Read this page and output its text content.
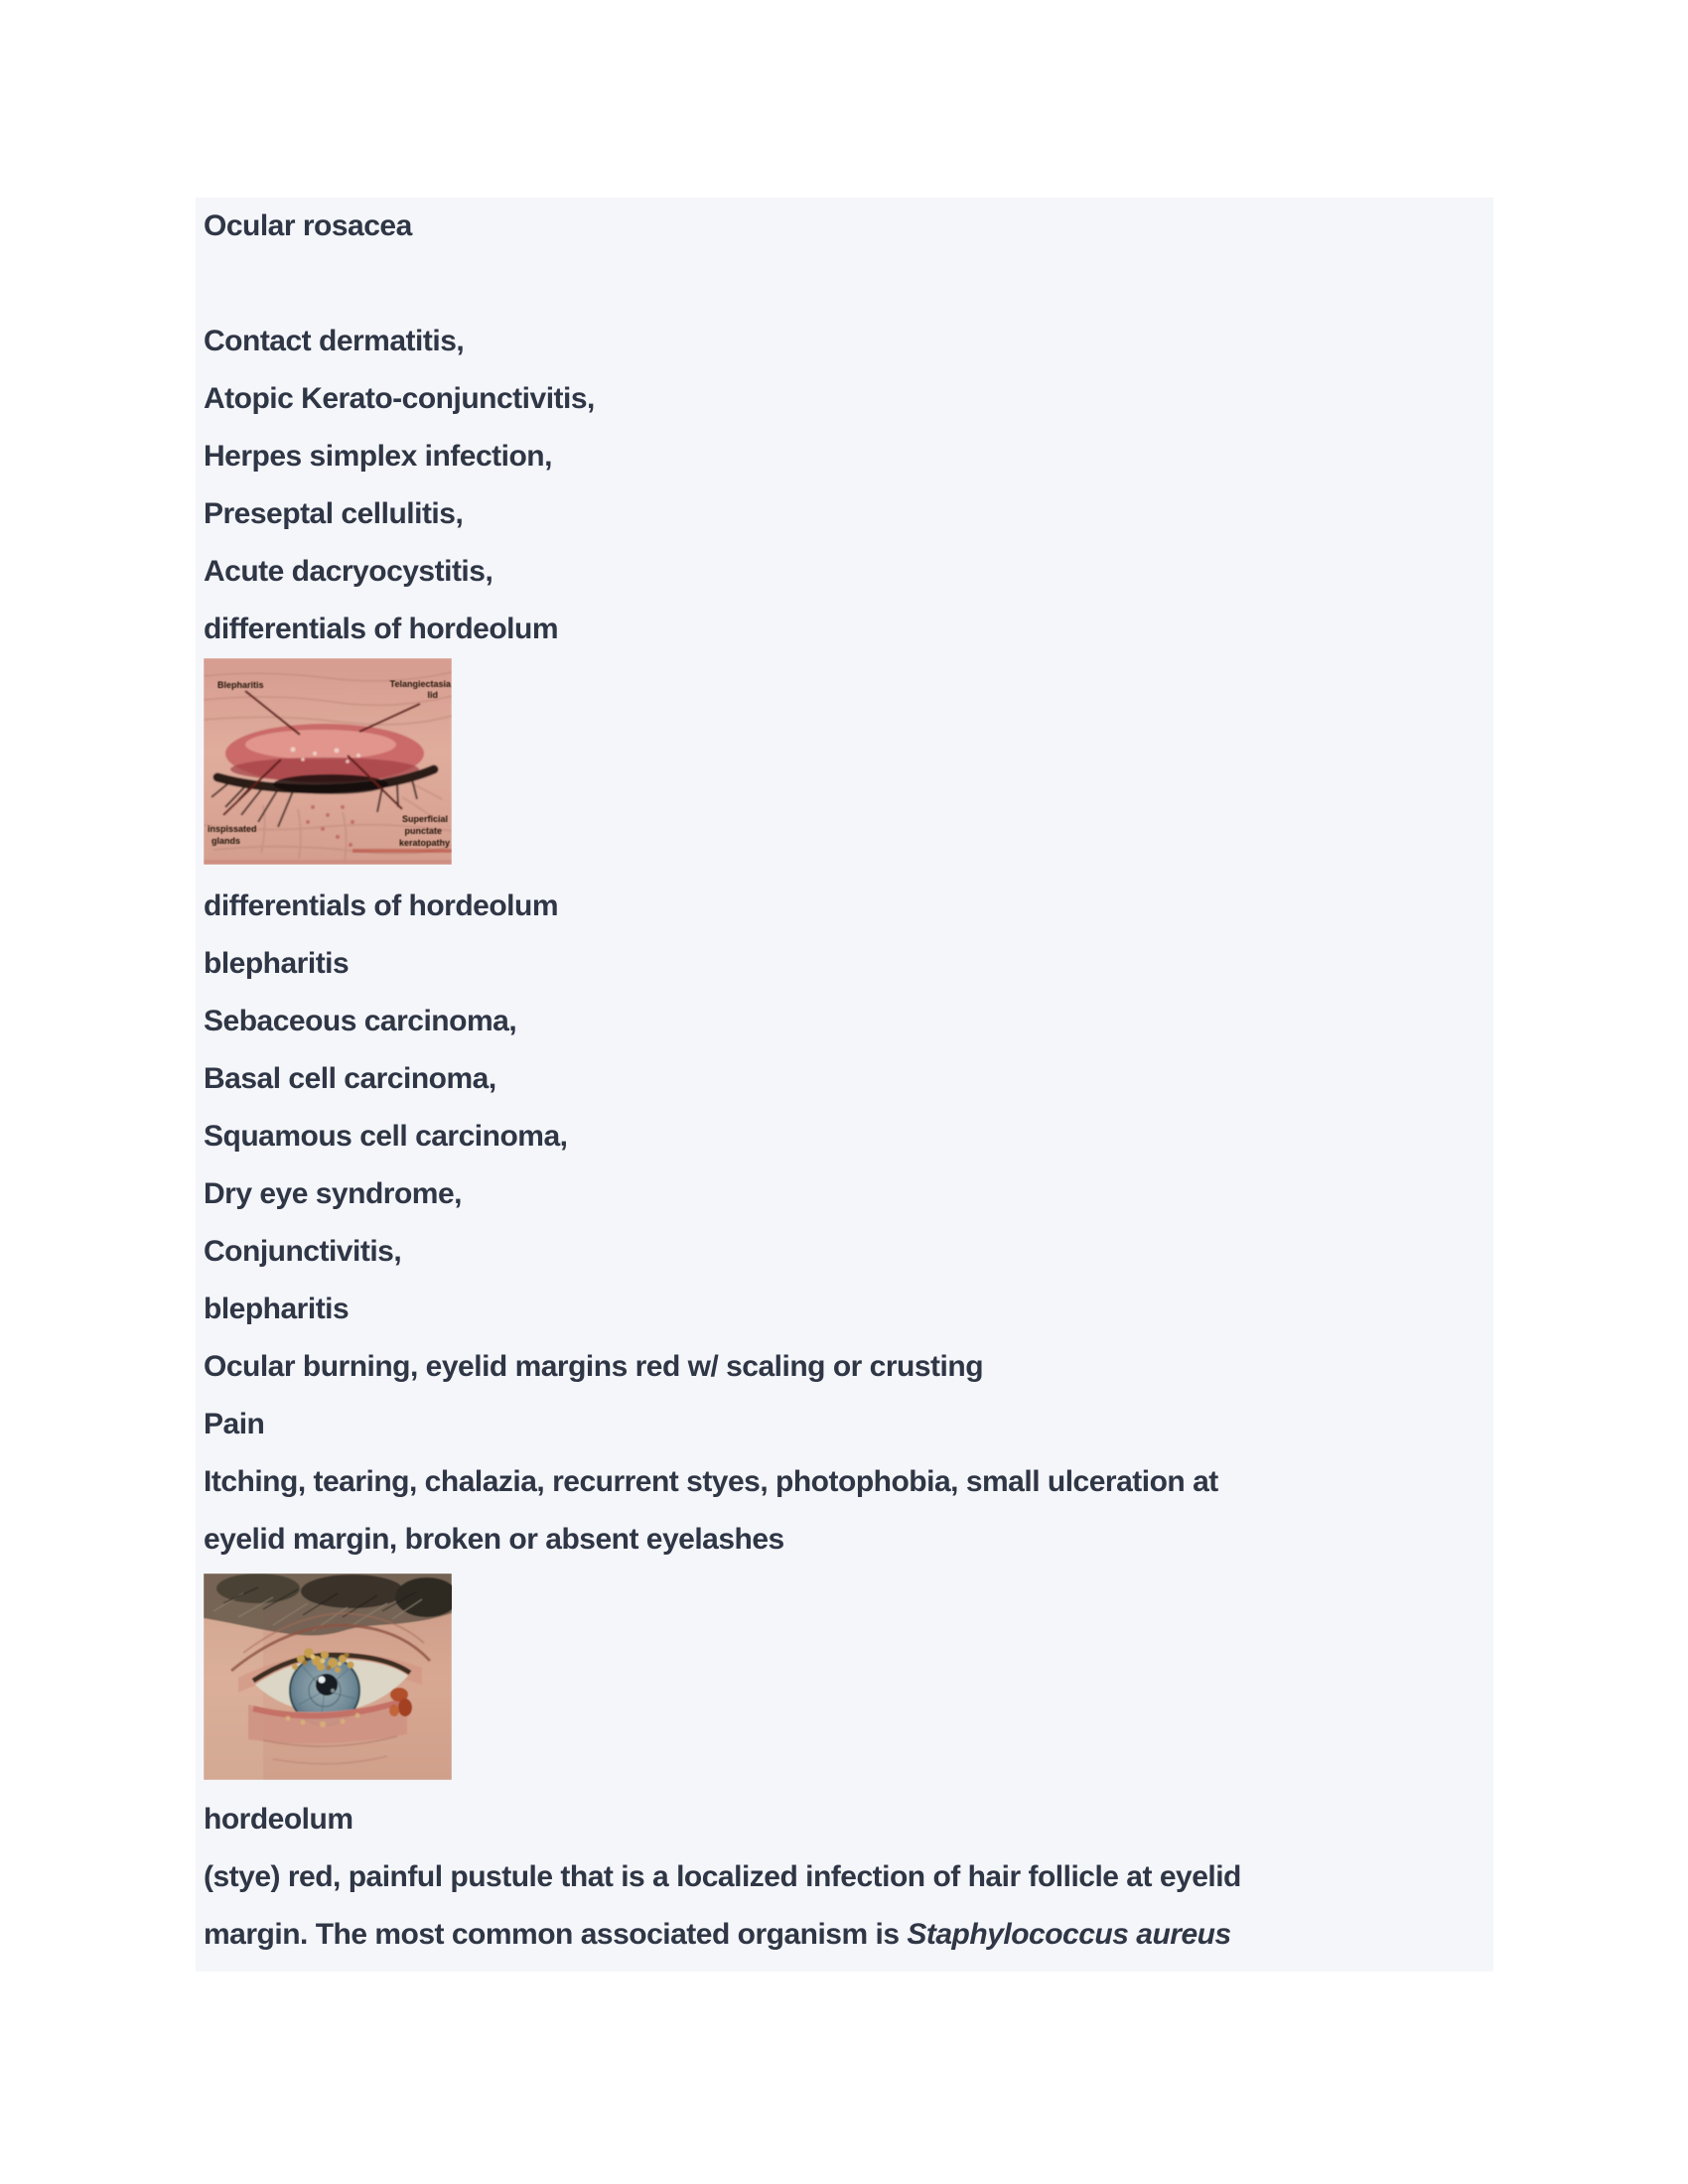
Ocular rosacea
Contact dermatitis,
Atopic Kerato-conjunctivitis,
Herpes simplex infection,
Preseptal cellulitis,
Acute dacryocystitis,
differentials of hordeolum
Blepharitis	Telangiectasia
lid
inspissated
glands
Superficial
punctate
keratopathy
differentials of hordeolum
blepharitis
Sebaceous carcinoma,
Basal cell carcinoma,
Squamous cell carcinoma,
Dry eye syndrome,
Conjunctivitis,
blepharitis
Ocular burning, eyelid margins red w/ scaling or crusting
Pain
Itching, tearing, chalazia, recurrent styes, photophobia, small ulceration at
eyelid margin, broken or absent eyelashes
hordeolum
(stye) red, painful pustule that is a localized infection of hair follicle at eyelid
margin. The most common associated organism is Staphylococcus aureus
